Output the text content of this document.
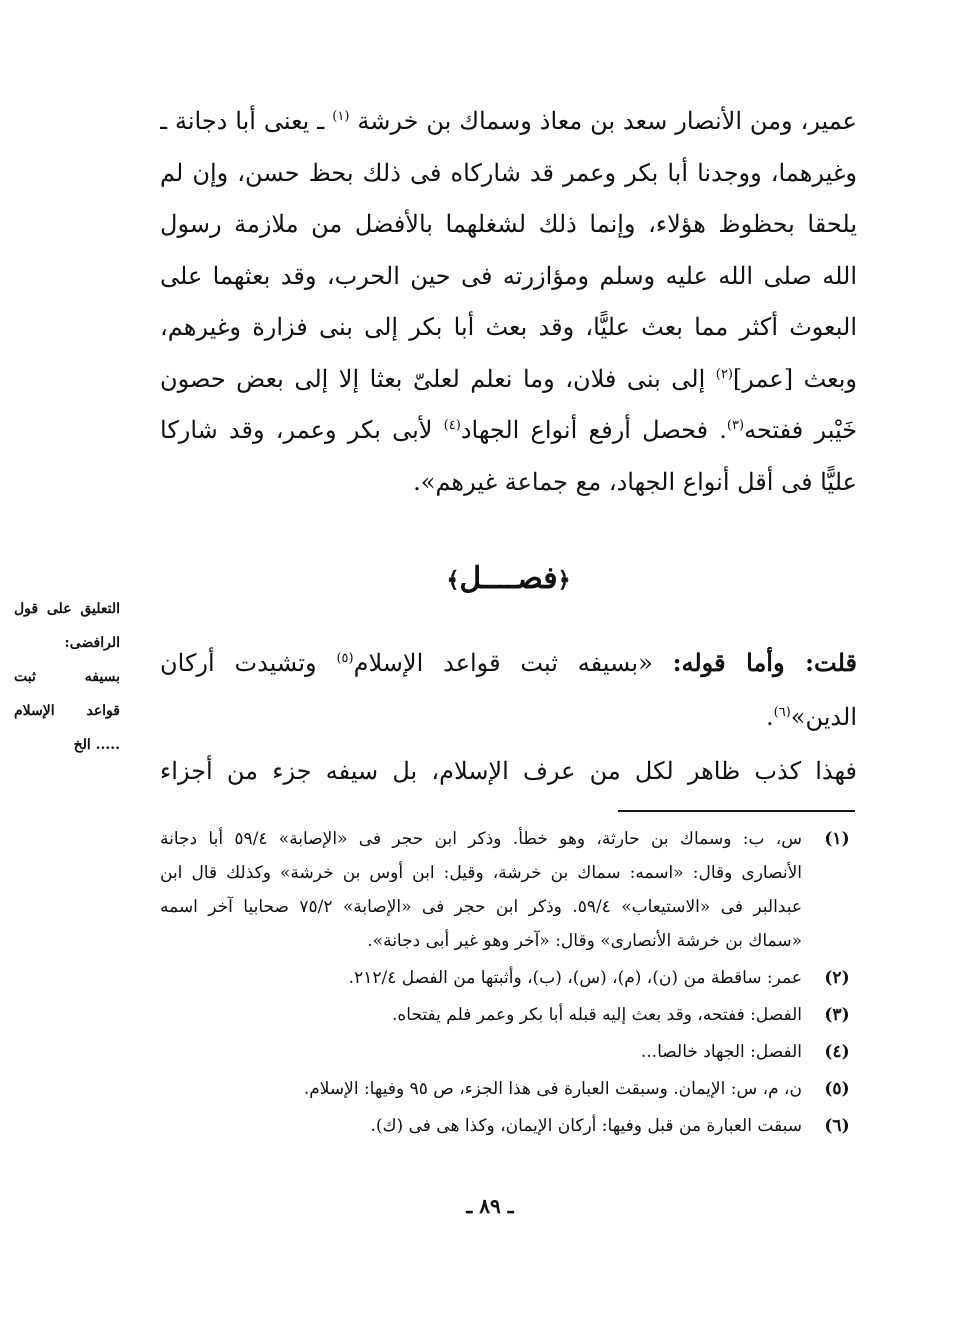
عمير، ومن الأنصار سعد بن معاذ وسماك بن خرشة $^{(١)}$ ـ يعنى أبا دجانة ـ
وغيرهما، ووجدنا أبا بكر وعمر قد شاركاه فى ذلك بحظ حسن، وإن لم
يلحقا بحظوظ هؤلاء، وإنما ذلك لشغلهما بالأفضل من ملازمة رسول
الله صلى الله عليه وسلم ومؤازرته فى حين الحرب، وقد بعثهما على
البعوث أكثر مما بعث عليًّا، وقد بعث أبا بكر إلى بنى فزارة وغيرهم،
وبعث [عمر]$^{(٢)}$ إلى بنى فلان، وما نعلم لعلىّ بعثا إلا إلى بعض حصون
خَيْبر ففتحه$^{(٣)}$. فحصل أرفع أنواع الجهاد$^{(٤)}$ لأبى بكر وعمر، وقد شاركا
عليًّا فى أقل أنواع الجهاد، مع جماعة غيرهم».
﴿فصــــل﴾
قلت: وأما قوله: «بسيفه ثبت قواعد الإسلام$^{(٥)}$ وتشيدت أركان
الدين»$^{(٦)}$.
فهذا كذب ظاهر لكل من عرف الإسلام، بل سيفه جزء من أجزاء
التعليق على قول
الرافضى:
بسيفه ثبت
قواعد الإسلام
..... الخ
(١)
س، ب: وسماك بن حارثة، وهو خطأ. وذكر ابن حجر فى «الإصابة» ٥٩/٤ أبا دجانة
الأنصارى وقال: «اسمه: سماك بن خرشة، وقيل: ابن أوس بن خرشة» وكذلك قال ابن
عبدالبر فى «الاستيعاب» ٥٩/٤. وذكر ابن حجر فى «الإصابة» ٧٥/٢ صحابيا آخر اسمه
«سماك بن خرشة الأنصارى» وقال: «آخر وهو غير أبى دجانة».
(٢)
عمر: ساقطة من (ن)، (م)، (س)، (ب)، وأثبتها من الفصل ٢١٢/٤.
(٣)
الفصل: ففتحه، وقد بعث إليه قبله أبا بكر وعمر فلم يفتحاه.
(٤)
الفصل: الجهاد خالصا...
(٥)
ن، م، س: الإيمان. وسبقت العبارة فى هذا الجزء، ص ٩٥ وفيها: الإسلام.
(٦)
سبقت العبارة من قبل وفيها: أركان الإيمان، وكذا هى فى (ك).
ـ ٨٩ ـ
